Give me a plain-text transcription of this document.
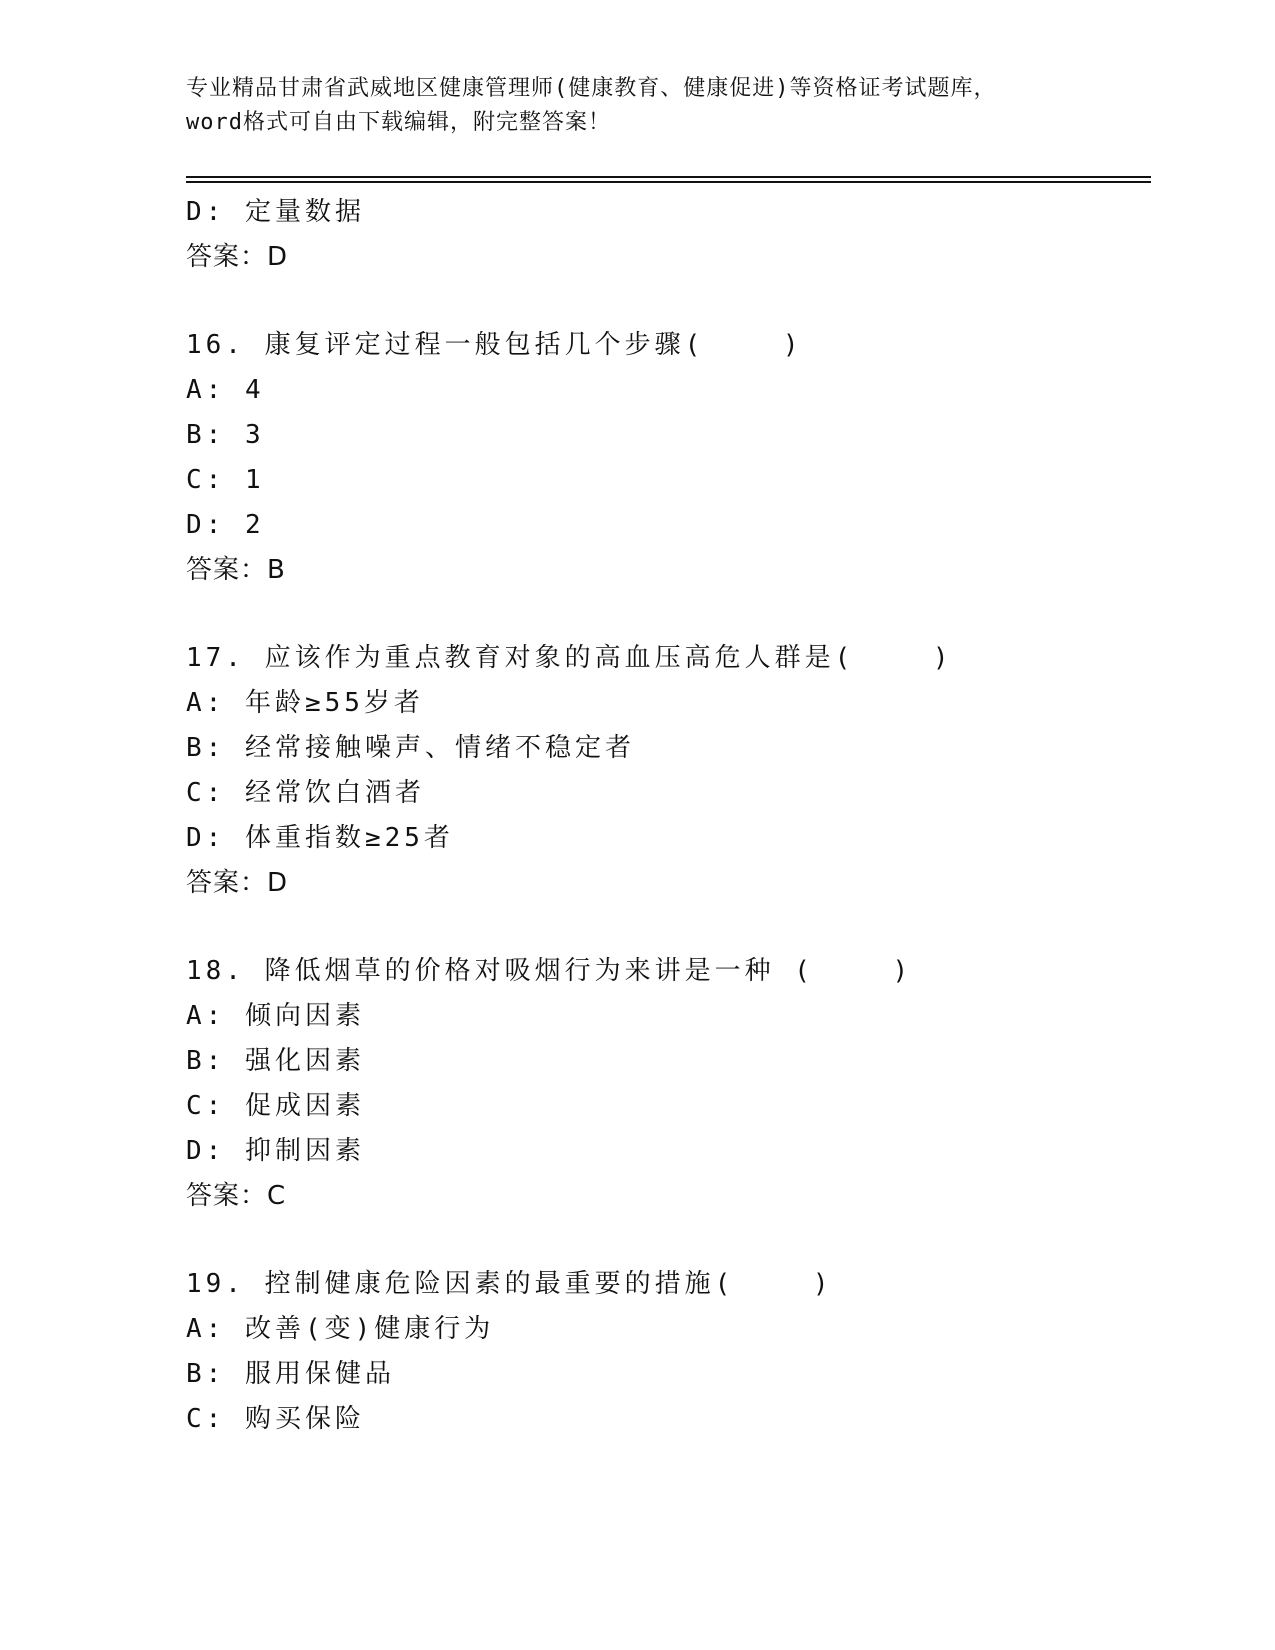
专业精品甘肃省武威地区健康管理师(健康教育、健康促进)等资格证考试题库，
word格式可自由下载编辑，附完整答案！
D: 定量数据
答案：D
16. 康复评定过程一般包括几个步骤(    )
A: 4
B: 3
C: 1
D: 2
答案：B
17. 应该作为重点教育对象的高血压高危人群是(    )
A: 年龄≥55岁者
B: 经常接触噪声、情绪不稳定者
C: 经常饮白酒者
D: 体重指数≥25者
答案：D
18. 降低烟草的价格对吸烟行为来讲是一种 (    )
A: 倾向因素
B: 强化因素
C: 促成因素
D: 抑制因素
答案：C
19. 控制健康危险因素的最重要的措施(    )
A: 改善(变)健康行为
B: 服用保健品
C: 购买保险
